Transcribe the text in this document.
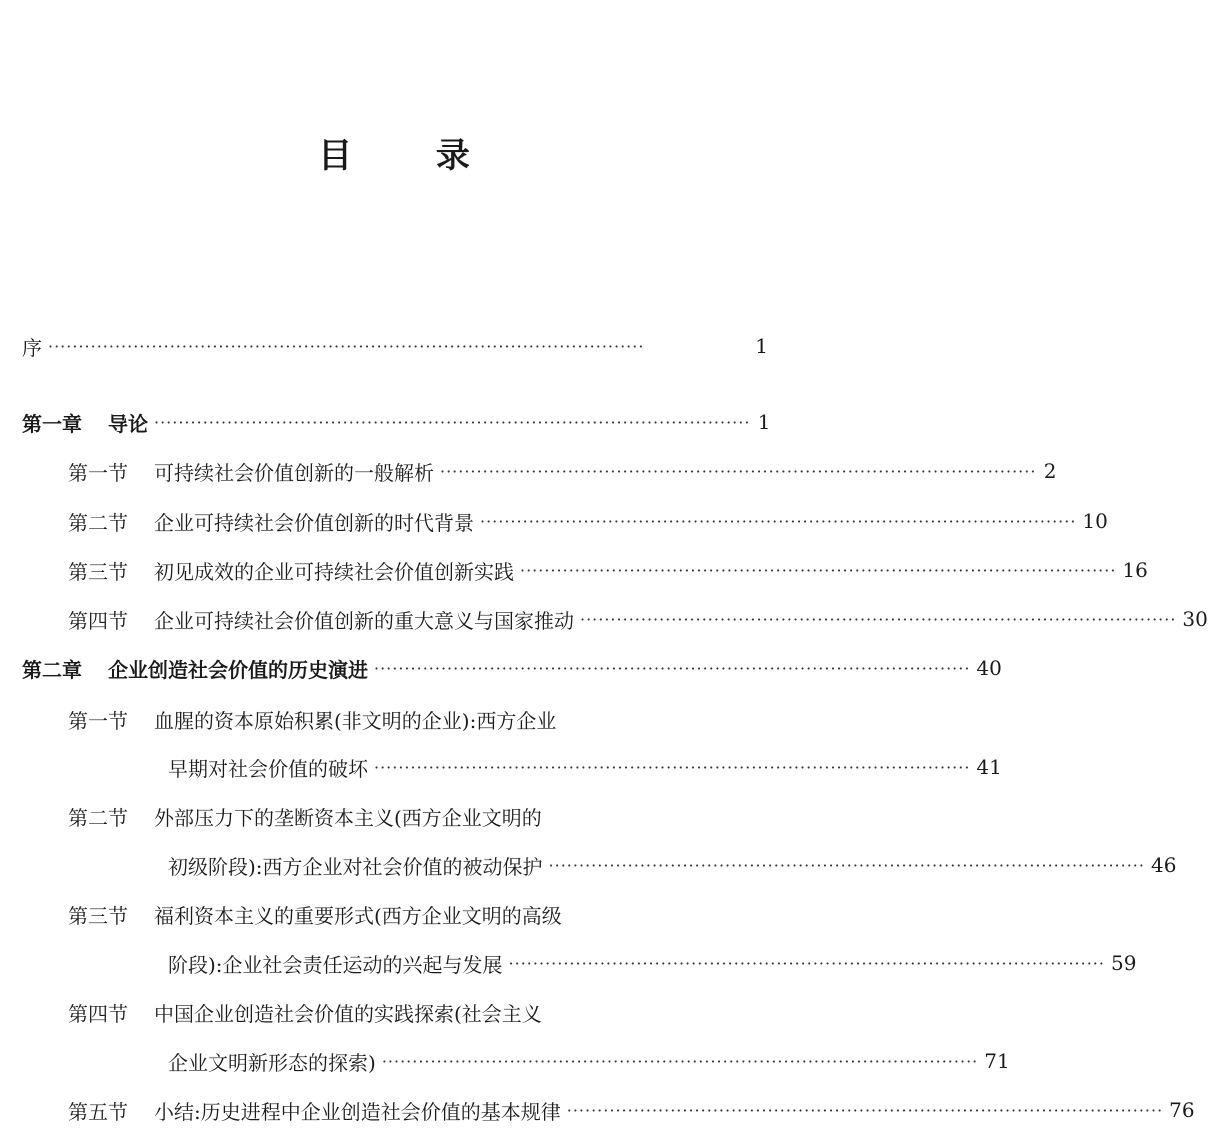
目 录
序 ··································································································	1
第一章 导论 ·································································································· 1
第一节 可持续社会价值创新的一般解析 ·································································································· 2
第二节 企业可持续社会价值创新的时代背景 ·································································································· 10
第三节 初见成效的企业可持续社会价值创新实践 ·································································································· 16
第四节 企业可持续社会价值创新的重大意义与国家推动 ·································································································· 30
第二章 企业创造社会价值的历史演进 ·································································································· 40
第一节 血腥的资本原始积累(非文明的企业):西方企业
早期对社会价值的破坏 ·································································································· 41
第二节 外部压力下的垄断资本主义(西方企业文明的
初级阶段):西方企业对社会价值的被动保护 ·································································································· 46
第三节 福利资本主义的重要形式(西方企业文明的高级
阶段):企业社会责任运动的兴起与发展 ·································································································· 59
第四节 中国企业创造社会价值的实践探索(社会主义
企业文明新形态的探索) ·································································································· 71
第五节 小结:历史进程中企业创造社会价值的基本规律 ·································································································· 76
